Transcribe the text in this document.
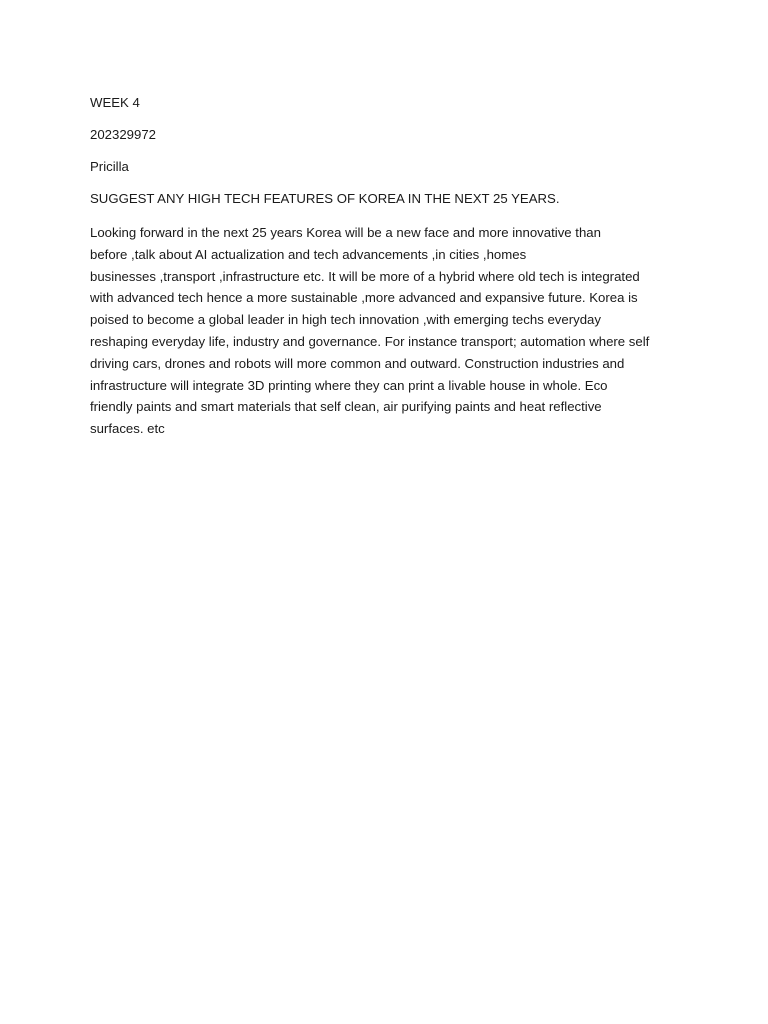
WEEK 4

202329972

Pricilla

SUGGEST ANY HIGH TECH FEATURES OF KOREA IN THE NEXT 25 YEARS.

Looking forward in the next 25 years Korea will be a new face and more innovative than
before ,talk about AI actualization and tech advancements ,in cities ,homes
businesses ,transport ,infrastructure etc. It will be more of a hybrid where old tech is integrated
with advanced tech hence a more sustainable ,more advanced and expansive future. Korea is
poised to become a global leader in high tech innovation ,with emerging techs everyday
reshaping everyday life, industry and governance. For instance transport; automation where self
driving cars, drones and robots will more common and outward. Construction industries and
infrastructure will integrate 3D printing where they can print a livable house in whole. Eco
friendly paints and smart materials that self clean, air purifying paints and heat reflective
surfaces. etc
